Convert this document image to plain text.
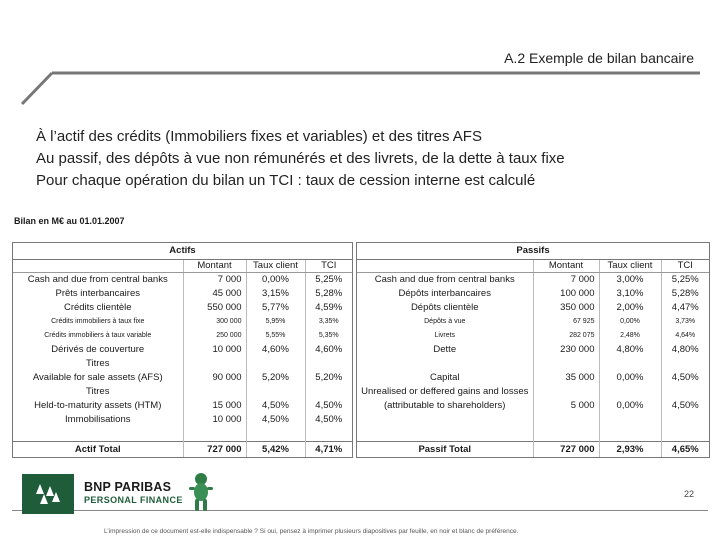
A.2 Exemple de bilan bancaire
À l’actif des crédits (Immobiliers fixes et variables) et des titres AFS
Au passif, des dépôts à vue non rémunérés et des livrets, de la dette à taux fixe
Pour chaque opération du bilan un TCI : taux de cession interne est calculé
Bilan en M€ au 01.01.2007
Actifs			
	Montant	Taux client	TCI
Cash and due from central banks	7 000	0,00%	5,25%
Prêts interbancaires	45 000	3,15%	5,28%
Crédits clientèle	550 000	5,77%	4,59%
Crédits immobiliers à taux fixe	300 000	5,95%	3,35%
Crédits immobiliers à taux variable	250 000	5,55%	5,35%
Dérivés de couverture	10 000	4,60%	4,60%
Titres			
Available for sale assets (AFS)	90 000	5,20%	5,20%
Titres			
Held-to-maturity assets (HTM)	15 000	4,50%	4,50%
Immobilisations	10 000	4,50%	4,50%

Actif Total	727 000	5,42%	4,71%
Passifs			
	Montant	Taux client	TCI
Cash and due from central banks	7 000	3,00%	5,25%
Dépôts interbancaires	100 000	3,10%	5,28%
Dépôts clientèle	350 000	2,00%	4,47%
Dépôts à vue	67 925	0,00%	3,73%
Livrets	282 075	2,48%	4,64%
Dette	230 000	4,80%	4,80%

Capital	35 000	0,00%	4,50%
Unrealised or deffered gains and losses			
(attributable to shareholders)	5 000	0,00%	4,50%

Passif Total	727 000	2,93%	4,65%
22
BNP PARIBAS
PERSONAL FINANCE
L’impression de ce document est-elle indispensable ? Si oui, pensez à imprimer plusieurs diapositives par feuille, en noir et blanc de préférence.
